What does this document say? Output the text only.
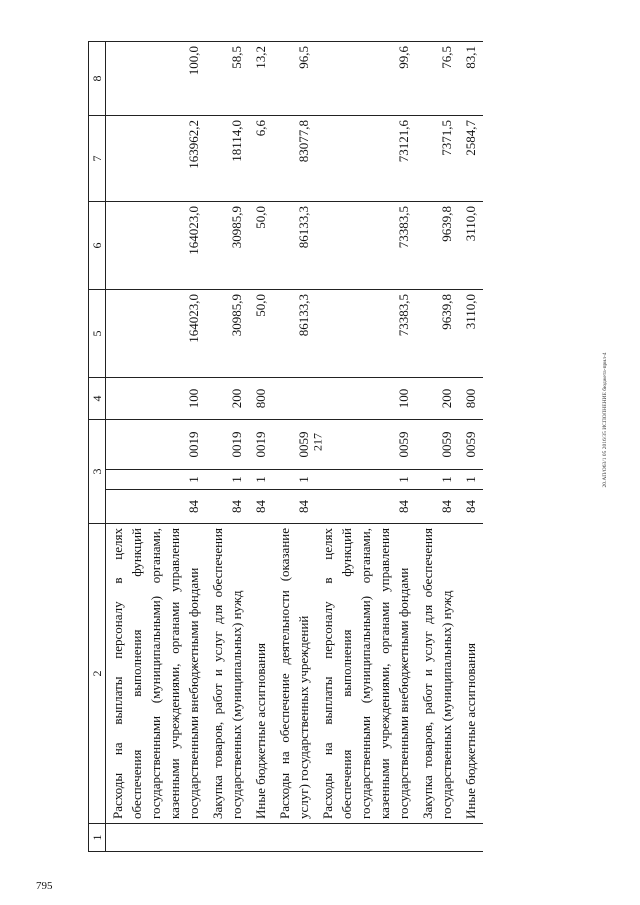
217	20.АП/О63/1 05 2016/35 ИСПОЛНЕНИЕ бюджета-прил-4
795
1	2	3			4	5	6	7	8
	Расходы на выплаты персоналу в целях обеспечения выполнения функций государственными (муниципальными) органами, казенными учреждениями, органами управления государственными внебюджетными фондами	84	1	0019	100	164023,0	164023,0	163962,2	100,0
	Закупка товаров, работ и услуг для обеспечения государственных (муниципальных) нужд	84	1	0019	200	30985,9	30985,9	18114,0	58,5
	Иные бюджетные ассигнования	84	1	0019	800	50,0	50,0	6,6	13,2
	Расходы на обеспечение деятельности (оказание услуг) государственных учреждений	84	1	0059		86133,3	86133,3	83077,8	96,5
	Расходы на выплаты персоналу в целях обеспечения выполнения функций государственными (муниципальными) органами, казенными учреждениями, органами управления государственными внебюджетными фондами	84	1	0059	100	73383,5	73383,5	73121,6	99,6
	Закупка товаров, работ и услуг для обеспечения государственных (муниципальных) нужд	84	1	0059	200	9639,8	9639,8	7371,5	76,5
	Иные бюджетные ассигнования	84	1	0059	800	3110,0	3110,0	2584,7	83,1
